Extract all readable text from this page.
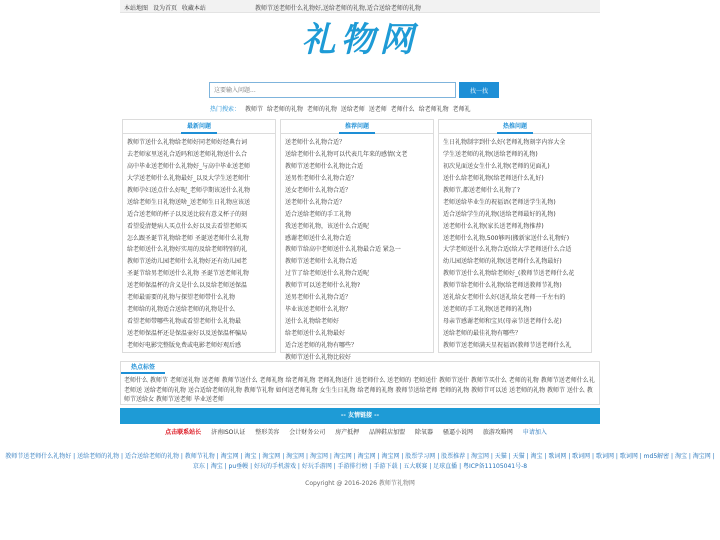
本站地图 设为首页 收藏本站	教师节送老师什么礼物好,送给老师的礼物,适合送给老师的礼物
礼物网
这要输入问题...
找一找
热门搜索： 教师节 给老师的礼物 老师的礼物 送给老师 送老师 老师什么 给老师礼物 老师礼
最新问题
教师节送什么礼物给老师好同老师好经典台词
去老师家里送礼合适吗和送老师礼物送什么合
高中毕业送老师什么礼物好_与高中毕业送老师
大学送老师什么礼物最好_以及大学生送老师什
教师孕妇送点什么好呢_老师孕期该送什么礼物
送给老师生日礼物送啥_送老师生日礼物应该送
适合送老师的杯子以及送比较有意义杯子的刻
看望爱清楚病人买点什么好以及去看望老师买
怎么跟圣诞节礼物给老师 圣诞送老师什么礼物
给老师送什么礼物好实用的及给老师特别的礼
教师节送幼儿园老师什么礼物好还有幼儿园老
圣诞节给男老师送什么礼物 圣诞节送老师礼物
送老师保温杯的含义是什么以及给老师送保温
老师最需要的礼物与探望老师带什么礼物
老师给的礼物适合送给老师的礼物是什么
看望老师带哪些礼物或看望老师什么礼物最
送老师保温杯还是保温壶好以及送保温杯骗局
老师好电影完整版免费或电影老师好观后感
推荐问题
送老师什么礼物合适？
送给老师什么礼物可以代表几年来的感情(文老
教师节送老师什么礼物比合适
送男性老师什么礼物合适？
送女老师什么礼物合适？
送老师什么礼物合适？
适合送给老师的手工礼物
我送老师礼物，该送什么合适呢
感谢老师送什么礼物合适
教师节给高中老师送什么礼物最合适 紧急一
教师节送老师什么礼物合适
过节了给老师送什么礼物合适呢
教师节可以送老师什么礼物?
送男老师什么礼物合适？
毕业该送老师什么礼物？
送什么礼物给老师好
给老师送什么礼物最好
适合送老师的礼物有哪些？
教师节送什么礼物比较好
热推问题
生日礼物制字到什么好(老师礼物刻字内容大全
学生送老师的礼物(送给老师的礼物)
初次见面送女生什么礼物(老师的见面礼)
送什么给老师礼物(给老师送什么礼好)
教师节,都送老师什么礼物了?
老师送给毕业生的祝福语(老师送学生礼物)
适合送给学生的礼物(送给老师最好的礼物)
送老师什么礼物(家长送老师礼物推荐)
送老师什么礼物,500够吗(搬新家送什么礼物好)
大学老师送什么礼物合适(给大学老师送什么合适
幼儿园送给老师的礼物(送老师什么礼物最好)
教师节送什么礼物给老师好_(教师节送老师什么花
教师节给老师什么礼物(给老师送教师节礼物)
送礼给女老师什么好(送礼给女老师一千左右的
送老师的手工礼物(送老师的礼物)
母亲节感谢老师和宝贝(母亲节送老师什么花)
送给老师的最佳礼物有哪些？
教师节送老师满天星祝福语(教师节送老师什么礼
热点标签
老师什么 教师节 老师送礼物 送老师 教师节送什么 老师礼物 给老师礼物 老师礼物送什 送老师什么 送老师的 老师送什 教师节送什 教师节买什么 老师的礼物 教师节送老师什么礼 老师送 送给老师的礼物 送合适给老师的礼物 教师节礼物 如何送老师礼物 女生生日礼物 给老师的礼物 教师节送给老师 老师的礼物 教师节可以送 送老师的礼物 教师节 送什么 教师节送给女 教师节送老师 毕业送老师
-- 友情链接 --
点击联系站长 济南ISO认证 整形美容 会计财务公司 房产抵押 品牌鞋店加盟 除氧器 骚逼小说网 旅游攻略网 申请加入
教师节送老师什么礼物好 | 送给老师的礼物 | 适合送给老师的礼物 | 教师节礼物 | 淘宝网 | 淘宝 | 淘宝网 | 淘宝网 | 淘宝网 | 淘宝网 | 淘宝网 | 淘宝网 | 股票学习网 | 股票推荐 | 淘宝网 | 天猫 | 天猫 | 淘宝 | 歌词网 | 歌词网 | 歌词网 | 歌词网 | md5解密 | 淘宝 | 淘宝网 | 京东 | 淘宝 | pu垂幔 | 好玩的手机游戏 | 好玩手游网 | 手游排行榜 | 手游下载 | 五大联赛 | 足球直播 | 粤ICP备11105041号-8
Copyright @ 2016-2026 教师节礼物网
